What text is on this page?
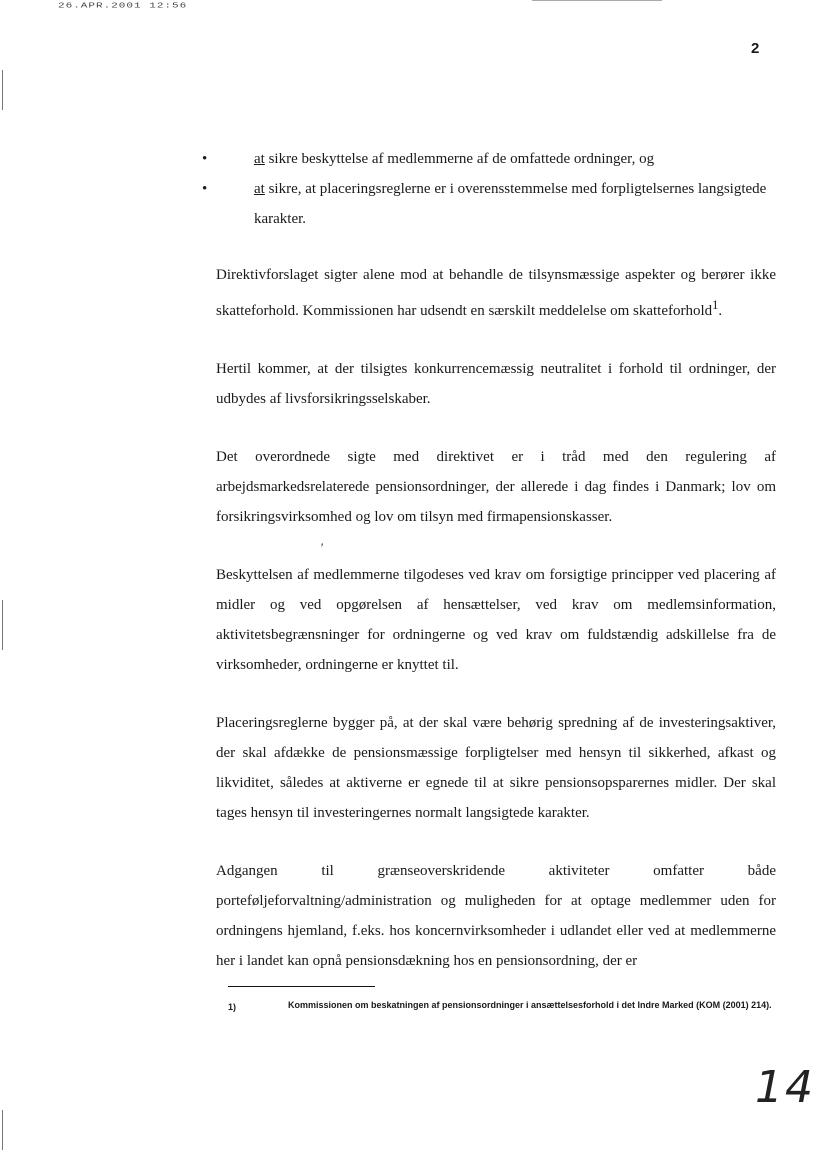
26.APR.2001 12:56
2
•	at sikre beskyttelse af medlemmerne af de omfattede ordninger, og
•	at sikre, at placeringsreglerne er i overensstemmelse med forpligtelsernes langsigtede karakter.

Direktivforslaget sigter alene mod at behandle de tilsynsmæssige aspekter og berører ikke skatteforhold. Kommissionen har udsendt en særskilt meddelelse om skatteforhold$^1$.

Hertil kommer, at der tilsigtes konkurrencemæssig neutralitet i forhold til ordninger, der udbydes af livsforsikringsselskaber.

Det overordnede sigte med direktivet er i tråd med den regulering af arbejdsmarkedsrelaterede pensionsordninger, der allerede i dag findes i Danmark; lov om forsikringsvirksomhed og lov om tilsyn med firmapensionskasser.

Beskyttelsen af medlemmerne tilgodeses ved krav om forsigtige principper ved placering af midler og ved opgørelsen af hensættelser, ved krav om medlemsinformation, aktivitetsbegrænsninger for ordningerne og ved krav om fuldstændig adskillelse fra de virksomheder, ordningerne er knyttet til.

Placeringsreglerne bygger på, at der skal være behørig spredning af de investeringsaktiver, der skal afdække de pensionsmæssige forpligtelser med hensyn til sikkerhed, afkast og likviditet, således at aktiverne er egnede til at sikre pensionsopsparernes midler. Der skal tages hensyn til investeringernes normalt langsigtede karakter.

Adgangen til grænseoverskridende aktiviteter omfatter både porteføljeforvaltning/administration og muligheden for at optage medlemmer uden for ordningens hjemland, f.eks. hos koncernvirksomheder i udlandet eller ved at medlemmerne her i landet kan opnå pensionsdækning hos en pensionsordning, der er

'
1)	Kommissionen om beskatningen af pensionsordninger i ansættelsesforhold i det Indre Marked (KOM (2001) 214).
14
